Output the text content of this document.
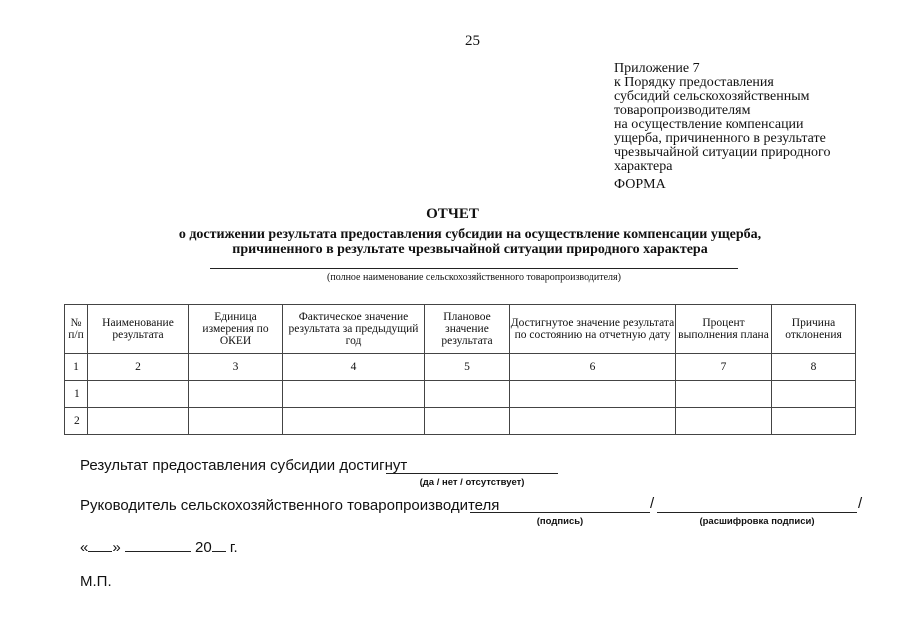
25
Приложение 7
к Порядку предоставления
субсидий сельскохозяйственным
товаропроизводителям
на осуществление компенсации
ущерба, причиненного в результате
чрезвычайной ситуации природного
характера
ФОРМА
ОТЧЕТ
о достижении результата предоставления субсидии на осуществление компенсации ущерба,
причиненного в результате чрезвычайной ситуации природного характера
(полное наименование сельскохозяйственного товаропроизводителя)
№ п/п	Наименование результата	Единица измерения по ОКЕИ	Фактическое значение результата за предыдущий год	Плановое значение результата	Достигнутое значение результата по состоянию на отчетную дату	Процент выполнения плана	Причина отклонения
1	2	3	4	5	6	7	8
1							
2							
Результат предоставления субсидии достигнут
(да / нет / отсутствует)
Руководитель сельскохозяйственного товаропроизводителя	/	/
(подпись)	(расшифровка подписи)
« »	20 г.
М.П.
